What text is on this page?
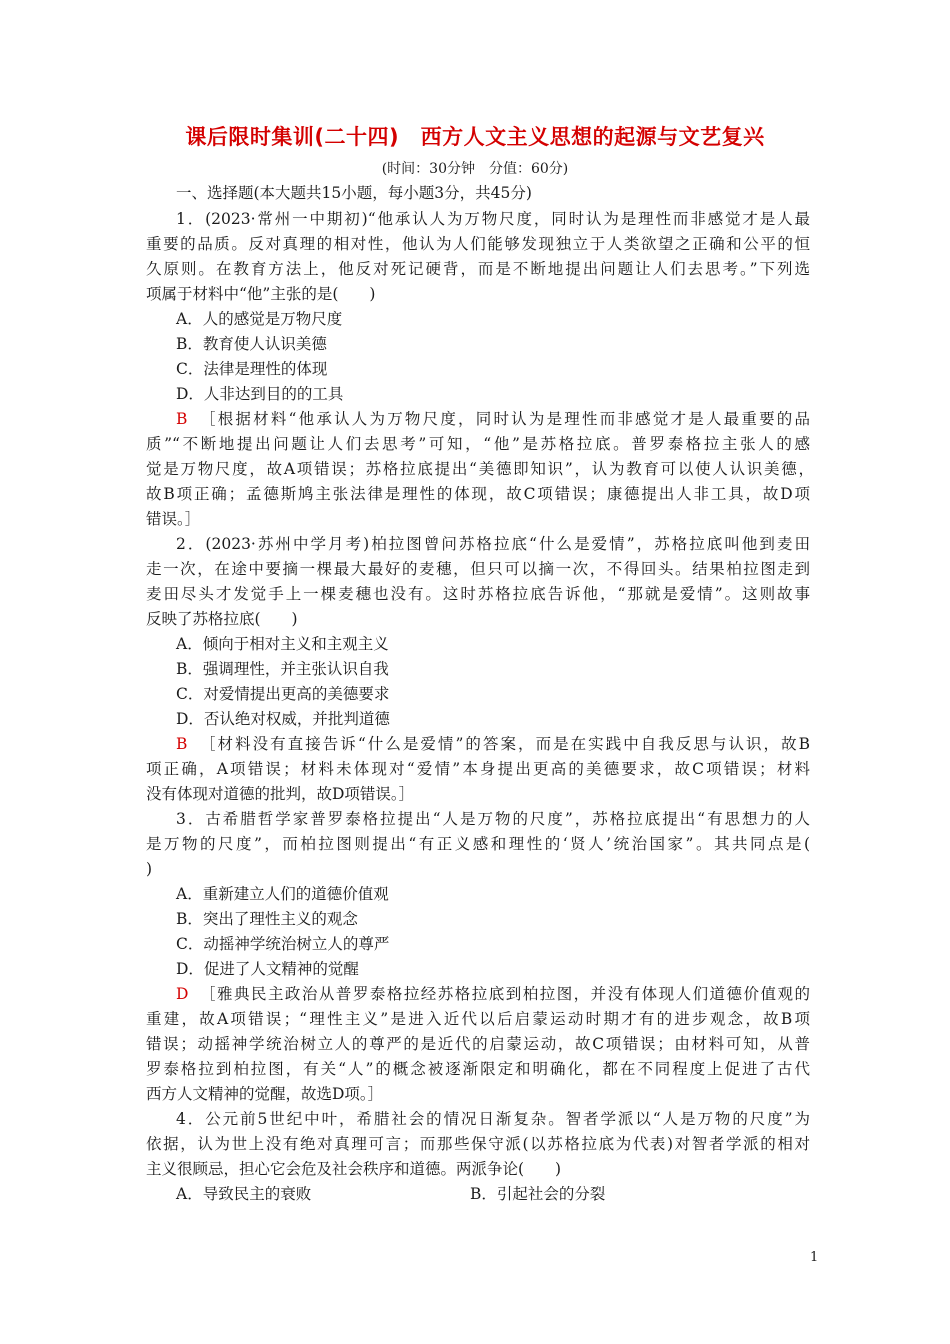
课后限时集训(二十四)　西方人文主义思想的起源与文艺复兴
(时间：30分钟　分值：60分)
一、选择题(本大题共15小题，每小题3分，共45分)
1．(2023·常州一中期初)“他承认人为万物尺度，同时认为是理性而非感觉才是人最
重要的品质。反对真理的相对性，他认为人们能够发现独立于人类欲望之正确和公平的恒
久原则。在教育方法上，他反对死记硬背，而是不断地提出问题让人们去思考。”下列选
项属于材料中“他”主张的是(　　)
A．人的感觉是万物尺度
B．教育使人认识美德
C．法律是理性的体现
D．人非达到目的的工具
B ［根据材料“他承认人为万物尺度，同时认为是理性而非感觉才是人最重要的品
质”“不断地提出问题让人们去思考”可知，“他”是苏格拉底。普罗泰格拉主张人的感
觉是万物尺度，故A项错误；苏格拉底提出“美德即知识”，认为教育可以使人认识美德，
故B项正确；孟德斯鸠主张法律是理性的体现，故C项错误；康德提出人非工具，故D项
错误。］
2．(2023·苏州中学月考)柏拉图曾问苏格拉底“什么是爱情”，苏格拉底叫他到麦田
走一次，在途中要摘一棵最大最好的麦穗，但只可以摘一次，不得回头。结果柏拉图走到
麦田尽头才发觉手上一棵麦穗也没有。这时苏格拉底告诉他，“那就是爱情”。这则故事
反映了苏格拉底(　　)
A．倾向于相对主义和主观主义
B．强调理性，并主张认识自我
C．对爱情提出更高的美德要求
D．否认绝对权威，并批判道德
B ［材料没有直接告诉“什么是爱情”的答案，而是在实践中自我反思与认识，故B
项正确，A项错误；材料未体现对“爱情”本身提出更高的美德要求，故C项错误；材料
没有体现对道德的批判，故D项错误。］
3．古希腊哲学家普罗泰格拉提出“人是万物的尺度”，苏格拉底提出“有思想力的人
是万物的尺度”，而柏拉图则提出“有正义感和理性的‘贤人’统治国家”。其共同点是(
)
A．重新建立人们的道德价值观
B．突出了理性主义的观念
C．动摇神学统治树立人的尊严
D．促进了人文精神的觉醒
D ［雅典民主政治从普罗泰格拉经苏格拉底到柏拉图，并没有体现人们道德价值观的
重建，故A项错误；“理性主义”是进入近代以后启蒙运动时期才有的进步观念，故B项
错误；动摇神学统治树立人的尊严的是近代的启蒙运动，故C项错误；由材料可知，从普
罗泰格拉到柏拉图，有关“人”的概念被逐渐限定和明确化，都在不同程度上促进了古代
西方人文精神的觉醒，故选D项。］
4．公元前5世纪中叶，希腊社会的情况日渐复杂。智者学派以“人是万物的尺度”为
依据，认为世上没有绝对真理可言；而那些保守派(以苏格拉底为代表)对智者学派的相对
主义很顾忌，担心它会危及社会秩序和道德。两派争论(　　)
A．导致民主的衰败	B．引起社会的分裂
1
